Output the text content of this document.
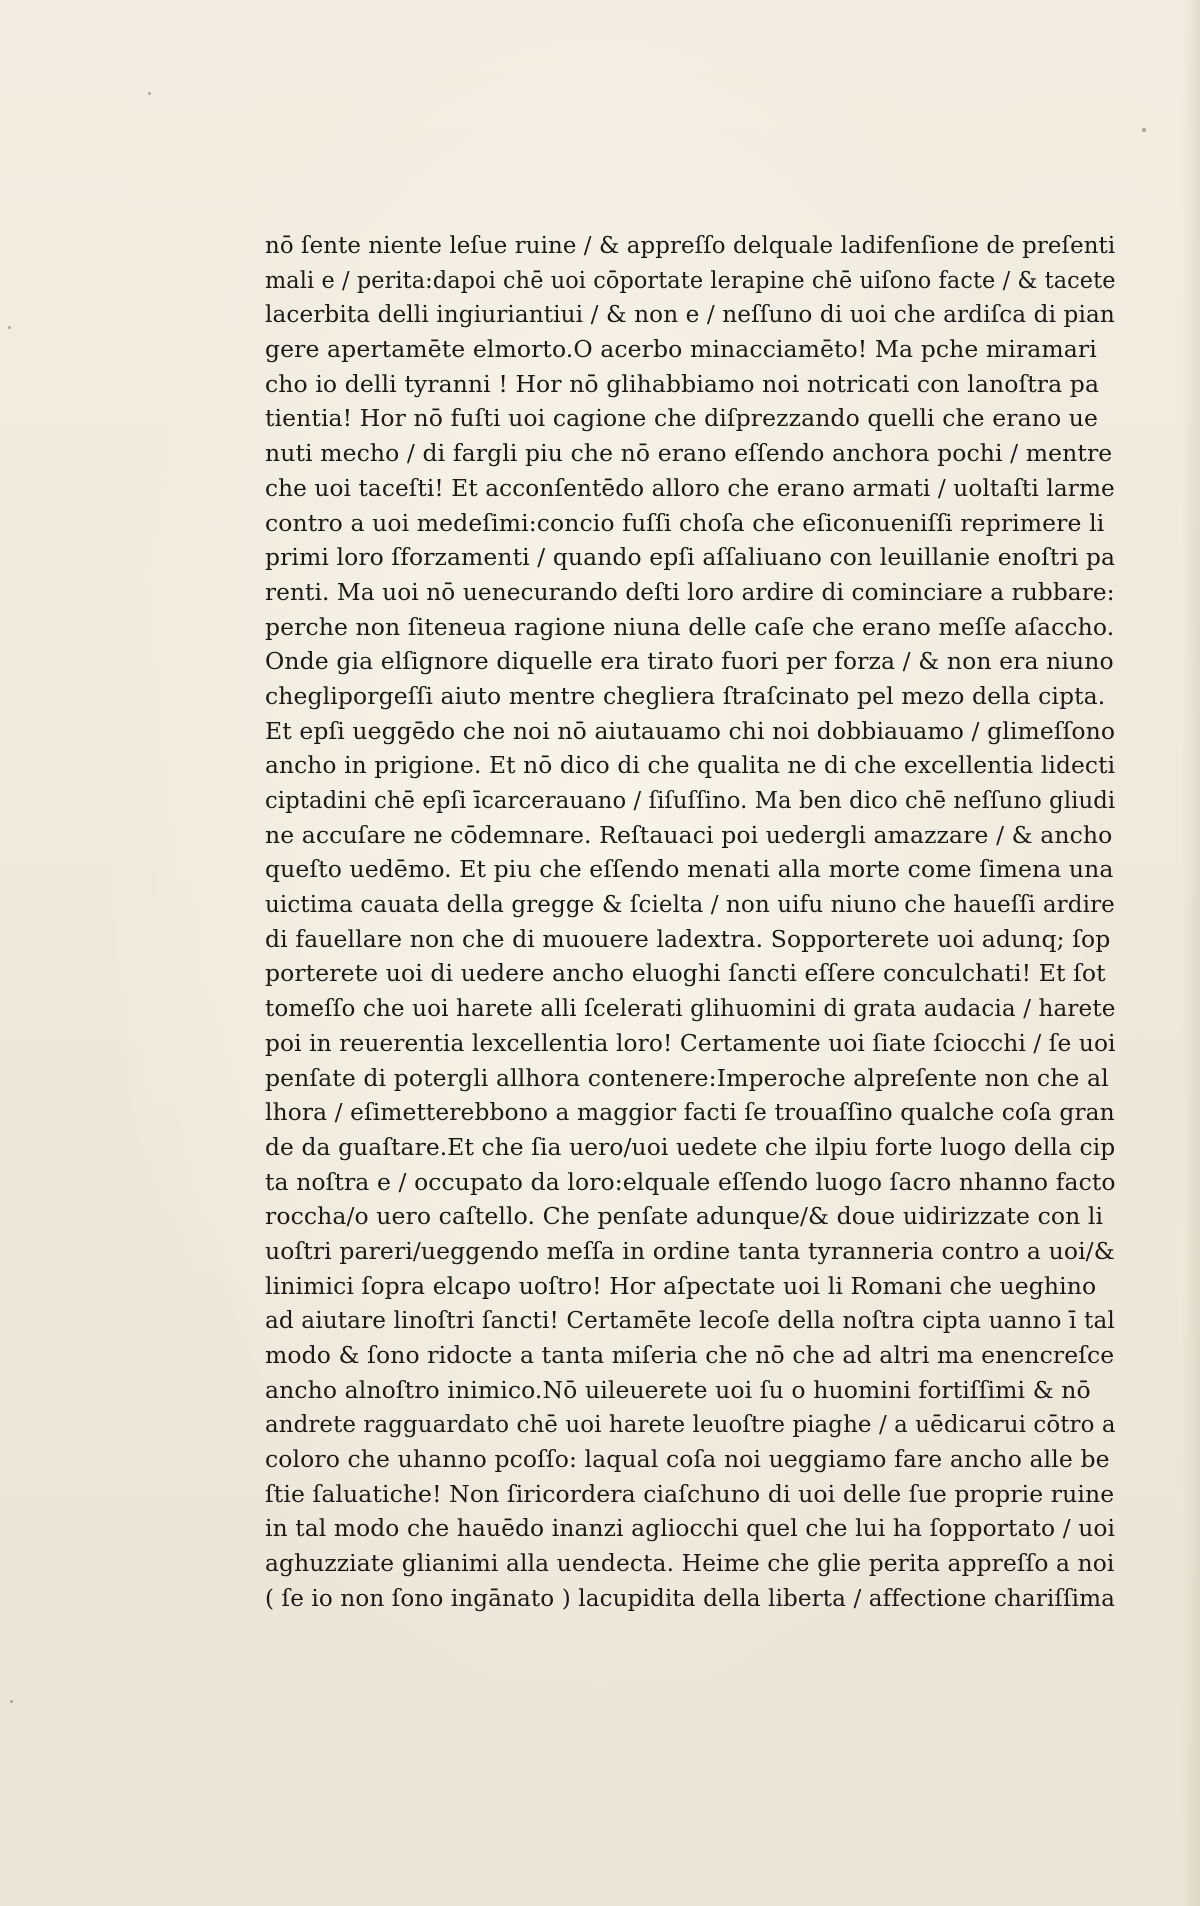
nō ſente niente leſue ruine / & appreſſo delquale ladifenſione de preſenti
mali e / perita:dapoi chē uoi cōportate lerapine chē uiſono facte / & tacete
lacerbita delli ingiuriantiui / & non e / neſſuno di uoi che ardiſca di pian
gere apertamēte elmorto.O acerbo minacciamēto! Ma pche miramari
cho io delli tyranni ! Hor nō glihabbiamo noi notricati con lanoſtra pa
tientia! Hor nō fuſti uoi cagione che diſprezzando quelli che erano ue
nuti mecho / di fargli piu che nō erano eſſendo anchora pochi / mentre
che uoi taceſti! Et acconſentēdo alloro che erano armati / uoltaſti larme
contro a uoi medeſimi:concio fuſſi choſa che eſiconueniſſi reprimere li
primi loro ſforzamenti / quando epſi aſſaliuano con leuillanie enoſtri pa
renti. Ma uoi nō uenecurando deſti loro ardire di cominciare a rubbare:
perche non ſiteneua ragione niuna delle caſe che erano meſſe aſaccho.
Onde gia elſignore diquelle era tirato fuori per forza / & non era niuno
chegliporgeſſi aiuto mentre chegliera ſtraſcinato pel mezo della cipta.
Et epſi ueggēdo che noi nō aiutauamo chi noi dobbiauamo / glimeſſono
ancho in prigione. Et nō dico di che qualita ne di che excellentia lidecti
ciptadini chē epſi īcarcerauano / ſiſuſſino. Ma ben dico chē neſſuno gliudi
ne accuſare ne cōdemnare. Reſtauaci poi uedergli amazzare / & ancho
queſto uedēmo. Et piu che eſſendo menati alla morte come ſimena una
uictima cauata della gregge & ſcielta / non uifu niuno che haueſſi ardire
di fauellare non che di muouere ladextra. Sopporterete uoi adunq; ſop
porterete uoi di uedere ancho eluoghi ſancti eſſere conculchati! Et ſot
tomeſſo che uoi harete alli ſcelerati glihuomini di grata audacia / harete
poi in reuerentia lexcellentia loro! Certamente uoi ſiate ſciocchi / ſe uoi
penſate di potergli allhora contenere:Imperoche alpreſente non che al
lhora / eſimetterebbono a maggior facti ſe trouaſſino qualche coſa gran
de da guaſtare.Et che ſia uero/uoi uedete che ilpiu forte luogo della cip
ta noſtra e / occupato da loro:elquale eſſendo luogo ſacro nhanno facto
roccha/o uero caſtello. Che penſate adunque/& doue uidirizzate con li
uoſtri pareri/ueggendo meſſa in ordine tanta tyranneria contro a uoi/&
linimici ſopra elcapo uoſtro! Hor aſpectate uoi li Romani che ueghino
ad aiutare linoſtri ſancti! Certamēte lecoſe della noſtra cipta uanno ī tal
modo & ſono ridocte a tanta miſeria che nō che ad altri ma enencreſce
ancho alnoſtro inimico.Nō uileuerete uoi ſu o huomini fortiſſimi & nō
andrete ragguardato chē uoi harete leuoſtre piaghe / a uēdicarui cōtro a
coloro che uhanno pcoſſo: laqual coſa noi ueggiamo fare ancho alle be
ſtie ſaluatiche! Non ſiricordera ciaſchuno di uoi delle ſue proprie ruine
in tal modo che hauēdo inanzi agliocchi quel che lui ha ſopportato / uoi
aghuzziate glianimi alla uendecta. Heime che glie perita appreſſo a noi
( ſe io non ſono ingānato ) lacupidita della liberta / affectione chariſſima
